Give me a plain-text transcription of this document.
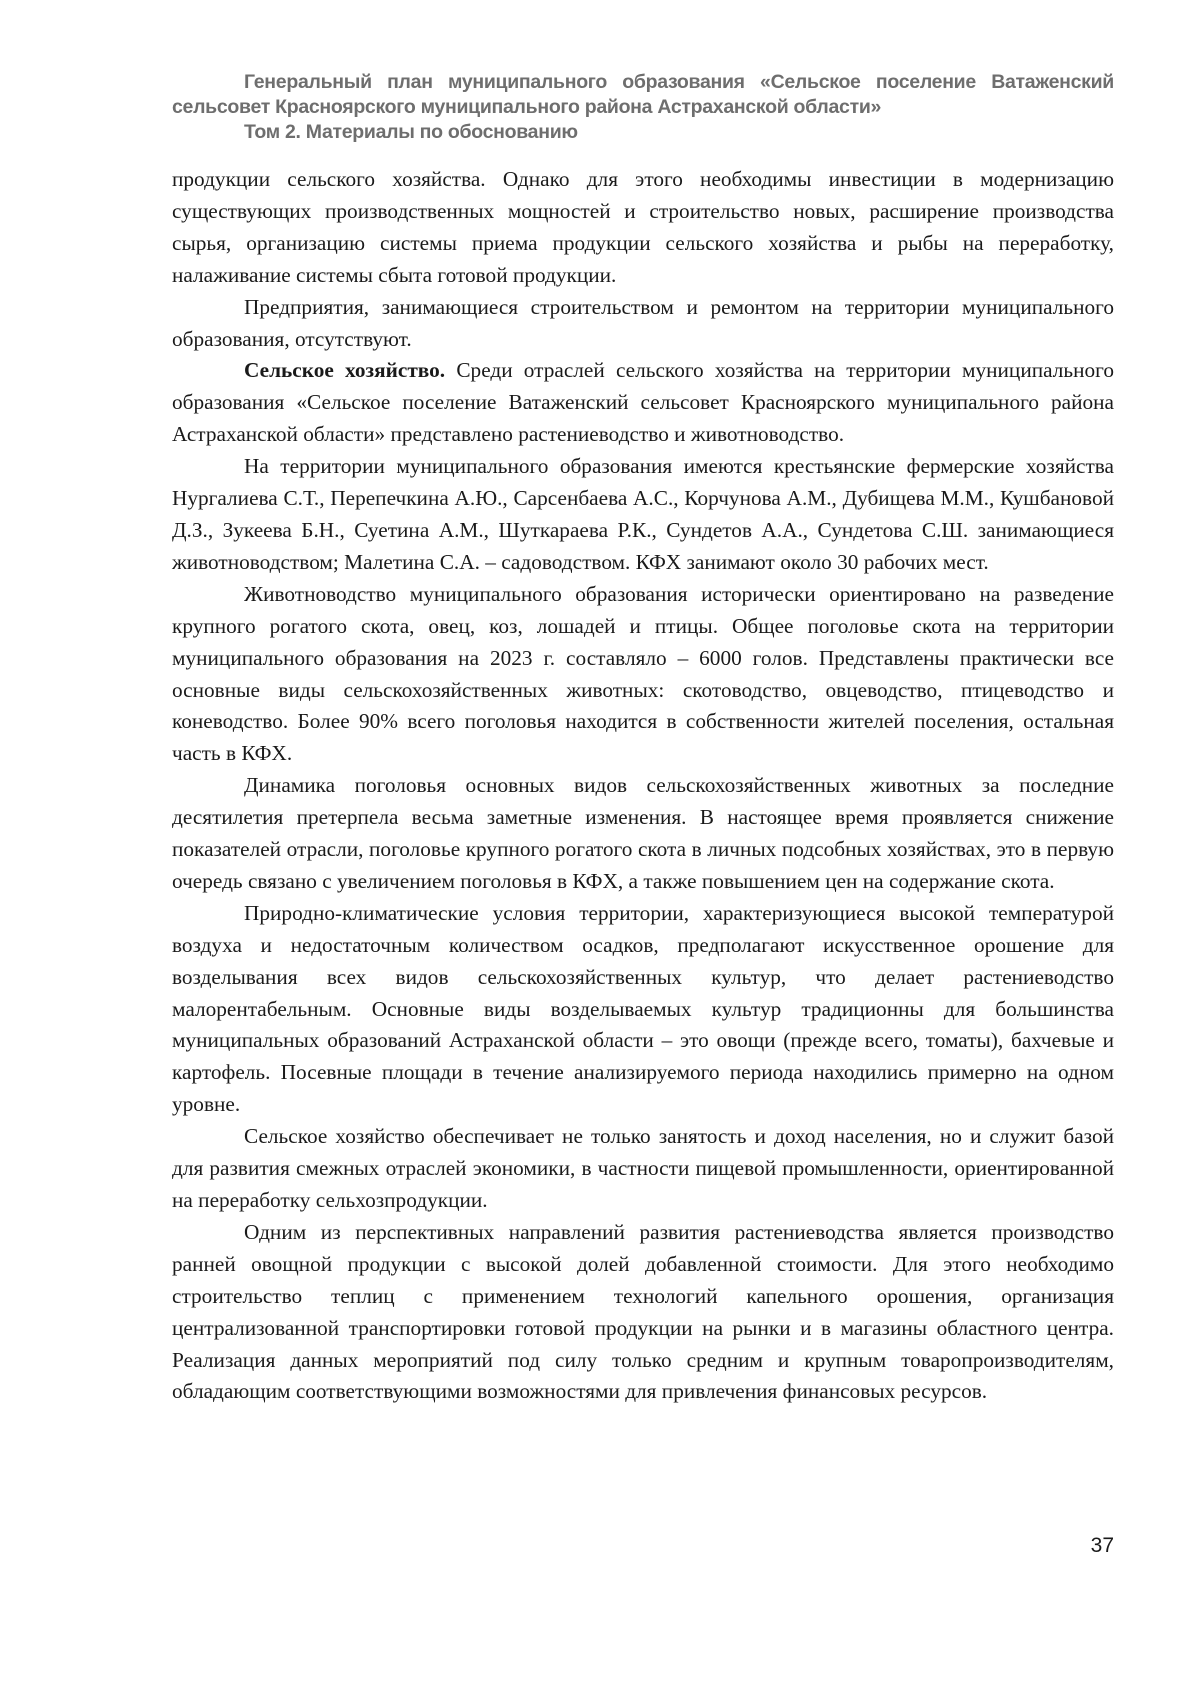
Генеральный план муниципального образования «Сельское поселение Ватаженский
сельсовет Красноярского муниципального района Астраханской области»
Том 2. Материалы по обоснованию

продукции сельского хозяйства. Однако для этого необходимы инвестиции в модернизацию существующих производственных мощностей и строительство новых, расширение производства сырья, организацию системы приема продукции сельского хозяйства и рыбы на переработку, налаживание системы сбыта готовой продукции.

Предприятия, занимающиеся строительством и ремонтом на территории муниципального образования, отсутствуют.

Сельское хозяйство. Среди отраслей сельского хозяйства на территории муниципального образования «Сельское поселение Ватаженский сельсовет Красноярского муниципального района Астраханской области» представлено растениеводство и животноводство.

На территории муниципального образования имеются крестьянские фермерские хозяйства Нургалиева С.Т., Перепечкина А.Ю., Сарсенбаева А.С., Корчунова А.М., Дубищева М.М., Кушбановой Д.З., Зукеева Б.Н., Суетина А.М., Шуткараева Р.К., Сундетов А.А., Сундетова С.Ш. занимающиеся животноводством; Малетина С.А. – садоводством. КФХ занимают около 30 рабочих мест.

Животноводство муниципального образования исторически ориентировано на разведение крупного рогатого скота, овец, коз, лошадей и птицы. Общее поголовье скота на территории муниципального образования на 2023 г. составляло – 6000 голов. Представлены практически все основные виды сельскохозяйственных животных: скотоводство, овцеводство, птицеводство и коневодство. Более 90% всего поголовья находится в собственности жителей поселения, остальная часть в КФХ.

Динамика поголовья основных видов сельскохозяйственных животных за последние десятилетия претерпела весьма заметные изменения. В настоящее время проявляется снижение показателей отрасли, поголовье крупного рогатого скота в личных подсобных хозяйствах, это в первую очередь связано с увеличением поголовья в КФХ, а также повышением цен на содержание скота.

Природно-климатические условия территории, характеризующиеся высокой температурой воздуха и недостаточным количеством осадков, предполагают искусственное орошение для возделывания всех видов сельскохозяйственных культур, что делает растениеводство малорентабельным. Основные виды возделываемых культур традиционны для большинства муниципальных образований Астраханской области – это овощи (прежде всего, томаты), бахчевые и картофель. Посевные площади в течение анализируемого периода находились примерно на одном уровне.

Сельское хозяйство обеспечивает не только занятость и доход населения, но и служит базой для развития смежных отраслей экономики, в частности пищевой промышленности, ориентированной на переработку сельхозпродукции.

Одним из перспективных направлений развития растениеводства является производство ранней овощной продукции с высокой долей добавленной стоимости. Для этого необходимо строительство теплиц с применением технологий капельного орошения, организация централизованной транспортировки готовой продукции на рынки и в магазины областного центра. Реализация данных мероприятий под силу только средним и крупным товаропроизводителям, обладающим соответствующими возможностями для привлечения финансовых ресурсов.

37
